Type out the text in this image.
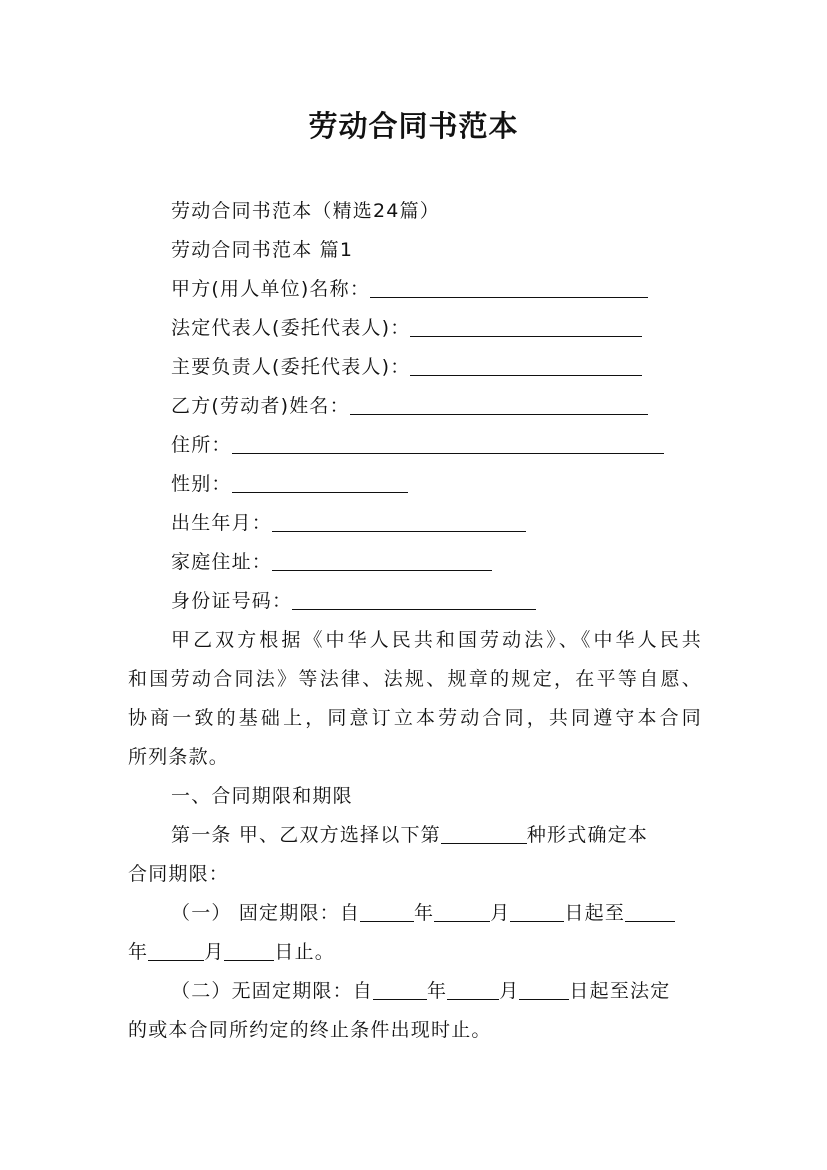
劳动合同书范本
劳动合同书范本（精选24篇）
劳动合同书范本 篇1
甲方(用人单位)名称：
法定代表人(委托代表人)：
主要负责人(委托代表人)：
乙方(劳动者)姓名：
住所：
性别：
出生年月：
家庭住址：
身份证号码：
甲乙双方根据《中华人民共和国劳动法》、《中华人民共
和国劳动合同法》等法律、法规、规章的规定，在平等自愿、
协商一致的基础上，同意订立本劳动合同，共同遵守本合同
所列条款。
一、合同期限和期限
第一条 甲、乙双方选择以下第	种形式确定本
合同期限：
（一） 固定期限：自	年	月	日起至
年	月	日止。
（二）无固定期限：自	年	月	日起至法定
的或本合同所约定的终止条件出现时止。
